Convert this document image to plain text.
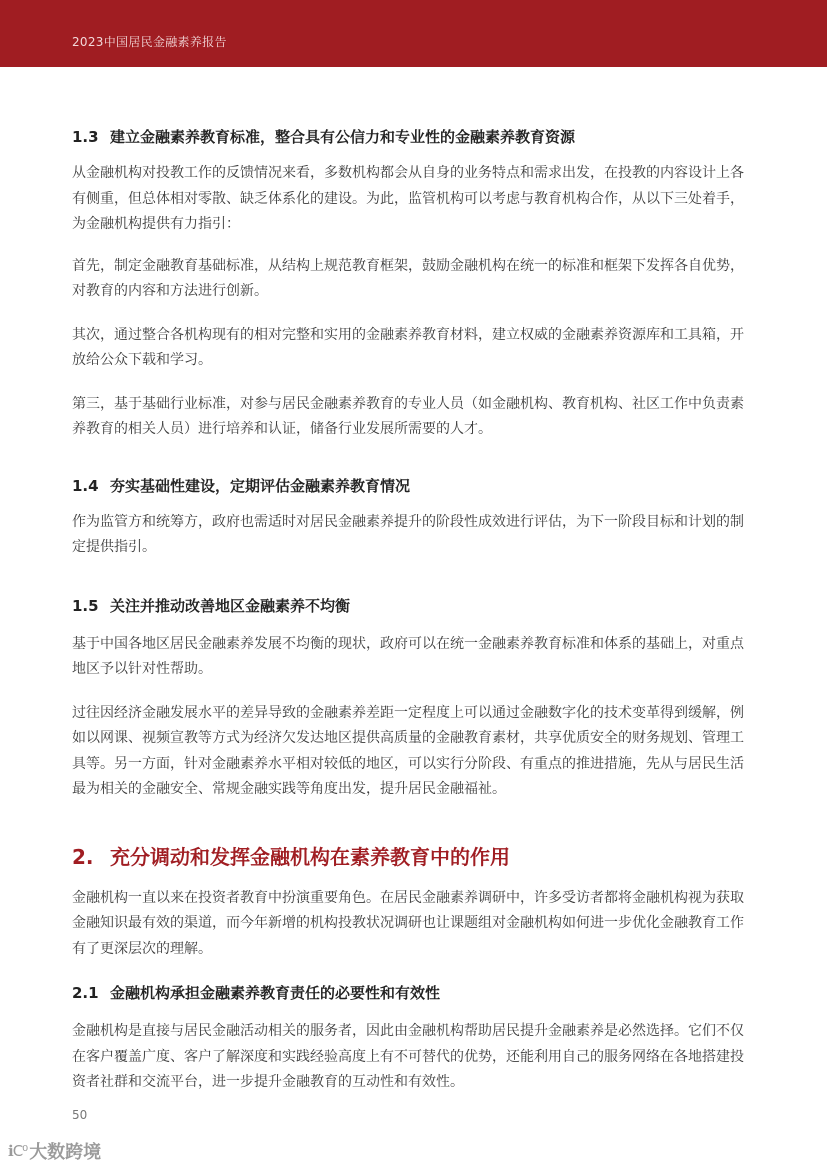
2023中国居民金融素养报告
1.3 建立金融素养教育标准，整合具有公信力和专业性的金融素养教育资源

从金融机构对投教工作的反馈情况来看，多数机构都会从自身的业务特点和需求出发，在投教的内容设计上各有侧重，但总体相对零散、缺乏体系化的建设。为此，监管机构可以考虑与教育机构合作，从以下三处着手，为金融机构提供有力指引：

首先，制定金融教育基础标准，从结构上规范教育框架，鼓励金融机构在统一的标准和框架下发挥各自优势，对教育的内容和方法进行创新。

其次，通过整合各机构现有的相对完整和实用的金融素养教育材料，建立权威的金融素养资源库和工具箱，开放给公众下载和学习。

第三，基于基础行业标准，对参与居民金融素养教育的专业人员（如金融机构、教育机构、社区工作中负责素养教育的相关人员）进行培养和认证，储备行业发展所需要的人才。

1.4 夯实基础性建设，定期评估金融素养教育情况

作为监管方和统筹方，政府也需适时对居民金融素养提升的阶段性成效进行评估，为下一阶段目标和计划的制定提供指引。

1.5 关注并推动改善地区金融素养不均衡

基于中国各地区居民金融素养发展不均衡的现状，政府可以在统一金融素养教育标准和体系的基础上，对重点地区予以针对性帮助。

过往因经济金融发展水平的差异导致的金融素养差距一定程度上可以通过金融数字化的技术变革得到缓解，例如以网课、视频宣教等方式为经济欠发达地区提供高质量的金融教育素材，共享优质安全的财务规划、管理工具等。另一方面，针对金融素养水平相对较低的地区，可以实行分阶段、有重点的推进措施，先从与居民生活最为相关的金融安全、常规金融实践等角度出发，提升居民金融福祉。

2. 充分调动和发挥金融机构在素养教育中的作用

金融机构一直以来在投资者教育中扮演重要角色。在居民金融素养调研中，许多受访者都将金融机构视为获取金融知识最有效的渠道，而今年新增的机构投教状况调研也让课题组对金融机构如何进一步优化金融教育工作有了更深层次的理解。

2.1 金融机构承担金融素养教育责任的必要性和有效性

金融机构是直接与居民金融活动相关的服务者，因此由金融机构帮助居民提升金融素养是必然选择。它们不仅在客户覆盖广度、客户了解深度和实践经验高度上有不可替代的优势，还能利用自己的服务网络在各地搭建投资者社群和交流平台，进一步提升金融教育的互动性和有效性。

50
ℹC⁰ 大数跨境
